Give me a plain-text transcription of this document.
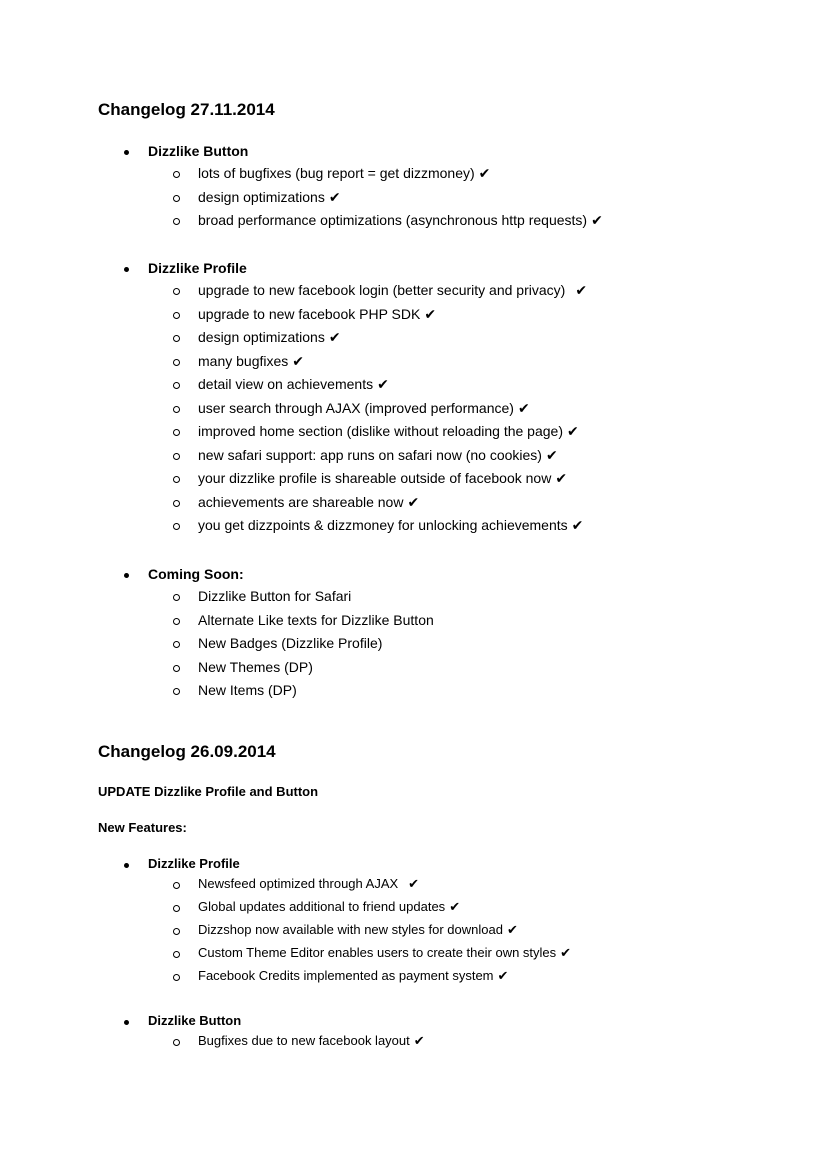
Changelog 27.11.2014
Dizzlike Button
lots of bugfixes (bug report = get dizzmoney) ✔
design optimizations ✔
broad performance optimizations (asynchronous http requests) ✔
Dizzlike Profile
upgrade to new facebook login (better security and privacy) ✔
upgrade to new facebook PHP SDK ✔
design optimizations ✔
many bugfixes ✔
detail view on achievements ✔
user search through AJAX (improved performance) ✔
improved home section (dislike without reloading the page) ✔
new safari support: app runs on safari now (no cookies) ✔
your dizzlike profile is shareable outside of facebook now ✔
achievements are shareable now ✔
you get dizzpoints & dizzmoney for unlocking achievements ✔
Coming Soon:
Dizzlike Button for Safari
Alternate Like texts for Dizzlike Button
New Badges (Dizzlike Profile)
New Themes (DP)
New Items (DP)
Changelog 26.09.2014

UPDATE Dizzlike Profile and Button

New Features:

Dizzlike Profile
Newsfeed optimized through AJAX ✔
Global updates additional to friend updates ✔
Dizzshop now available with new styles for download ✔
Custom Theme Editor enables users to create their own styles ✔
Facebook Credits implemented as payment system ✔
Dizzlike Button
Bugfixes due to new facebook layout ✔
